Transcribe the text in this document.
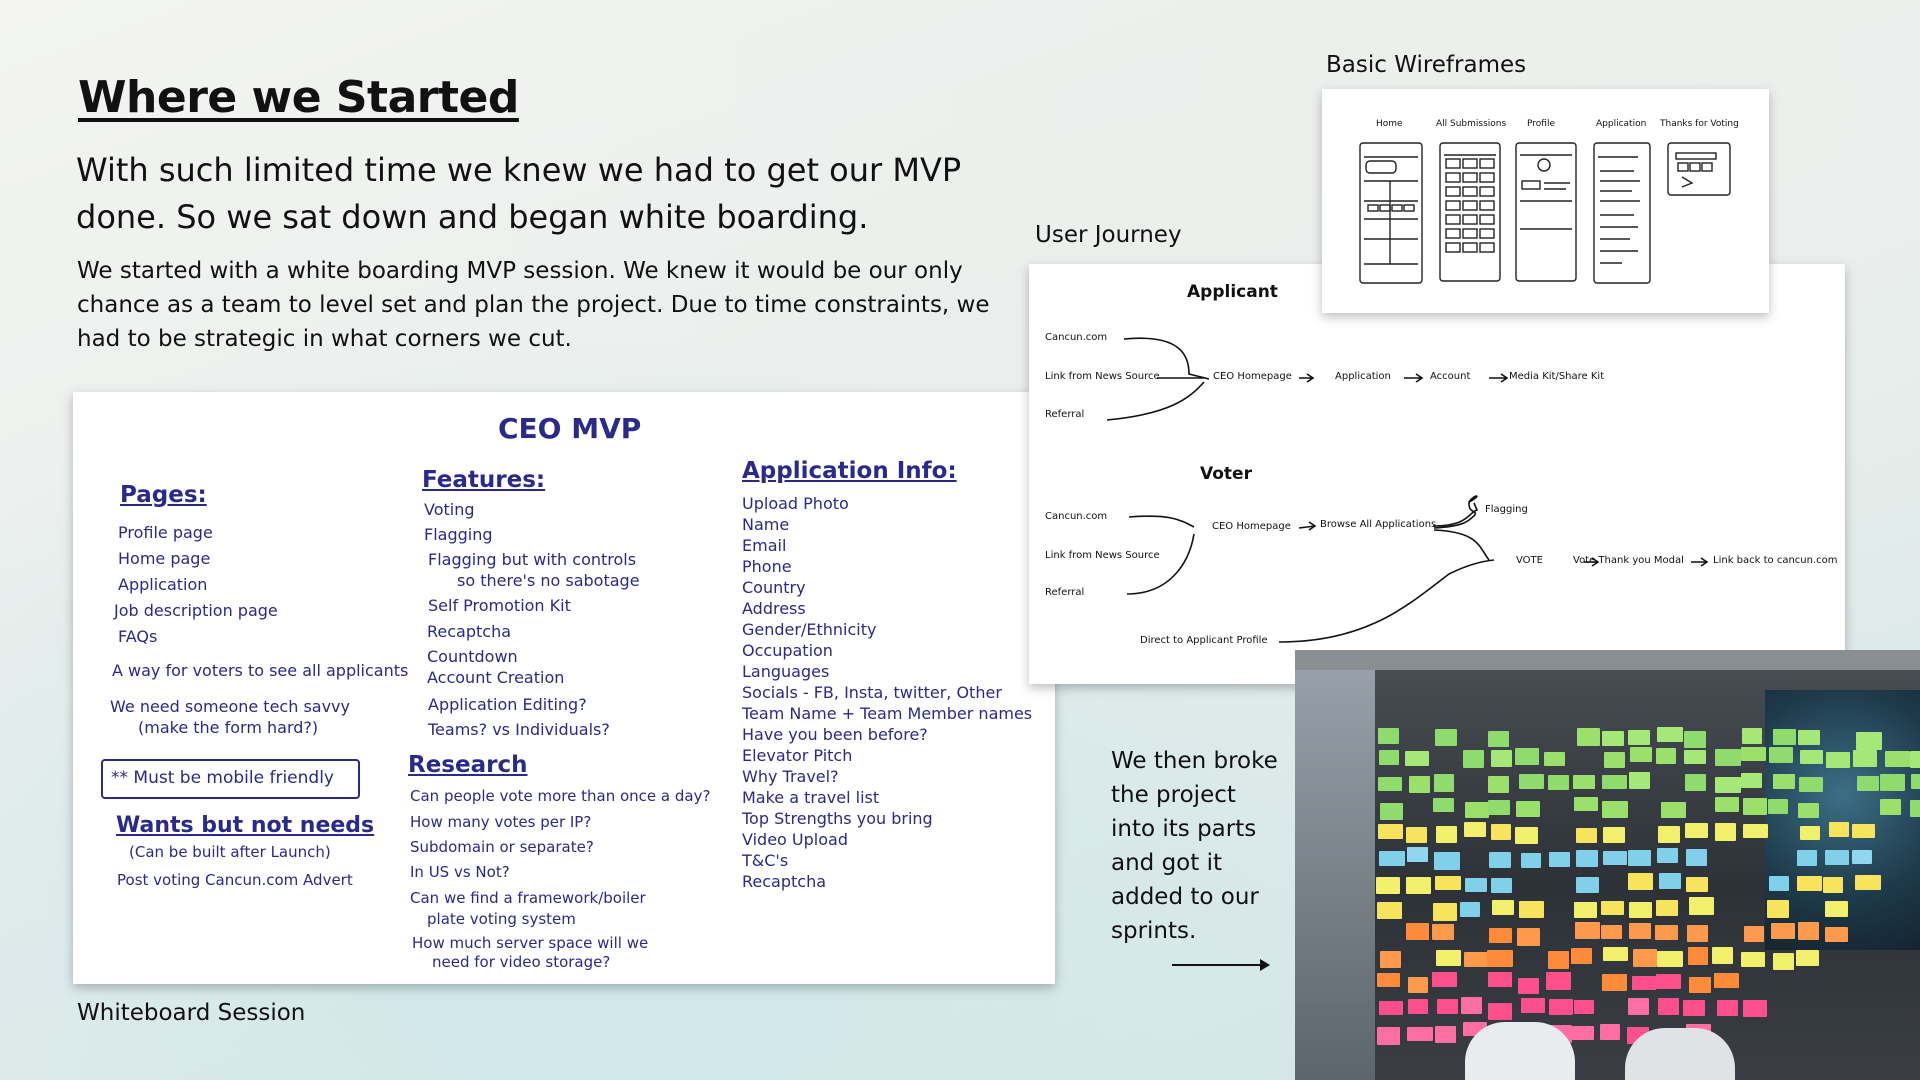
Where we Started
With such limited time we knew we had to get our MVP done. So we sat down and began white boarding.
We started with a white boarding MVP session. We knew it would be our only chance as a team to level set and plan the project. Due to time constraints, we had to be strategic in what corners we cut.
CEO MVP
Pages:
Profile page
Home page
Application
Job description page
FAQs
A way for voters to see all applicants
We need someone tech savvy
(make the form hard?)
** Must be mobile friendly
Wants but not needs
(Can be built after Launch)
Post voting Cancun.com Advert
Features:
Voting
Flagging
Flagging but with controls
so there's no sabotage
Self Promotion Kit
Recaptcha
Countdown
Account Creation
Application Editing?
Teams? vs Individuals?
Research
Can people vote more than once a day?
How many votes per IP?
Subdomain or separate?
In US vs Not?
Can we find a framework/boiler
plate voting system
How much server space will we
need for video storage?
Application Info:
Upload Photo
Name
Email
Phone
Country
Address
Gender/Ethnicity
Occupation
Languages
Socials - FB, Insta, twitter, Other
Team Name + Team Member names
Have you been before?
Elevator Pitch
Why Travel?
Make a travel list
Top Strengths you bring
Video Upload
T&C's
Recaptcha
Whiteboard Session
User Journey
Applicant
Cancun.com
Link from News Source
Referral
CEO Homepage	Application	Account	Media Kit/Share Kit
Voter
Cancun.com
Link from News Source
Referral
CEO Homepage	Browse All Applications
Flagging
VOTE	Vote Thank you Modal	Link back to cancun.com
Direct to Applicant Profile
Basic Wireframes
Home	All Submissions Profile	Application Thanks for Voting
We then broke the project into its parts and got it added to our sprints.
